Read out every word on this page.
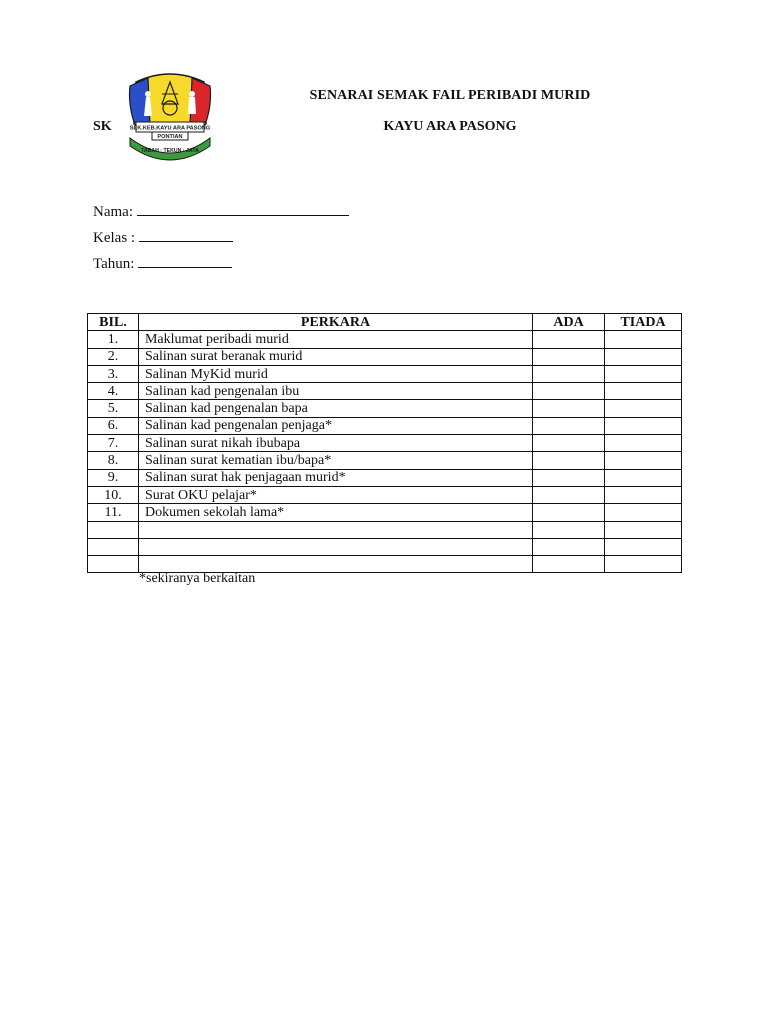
SEK.KEB.KAYU ARA PASONG
PONTIAN
TABAH · TEKUN · JAYA
SK
SENARAI SEMAK FAIL PERIBADI MURID
KAYU ARA PASONG
Nama:
Kelas :
Tahun:
BIL.	PERKARA	ADA	TIADA
1.	Maklumat peribadi murid		
2.	Salinan surat beranak murid		
3.	Salinan MyKid murid		
4.	Salinan kad pengenalan ibu		
5.	Salinan kad pengenalan bapa		
6.	Salinan kad pengenalan penjaga*		
7.	Salinan surat nikah ibubapa		
8.	Salinan surat kematian ibu/bapa*		
9.	Salinan surat hak penjagaan murid*		
10.	Surat OKU pelajar*		
11.	Dokumen sekolah lama*		

*sekiranya berkaitan
